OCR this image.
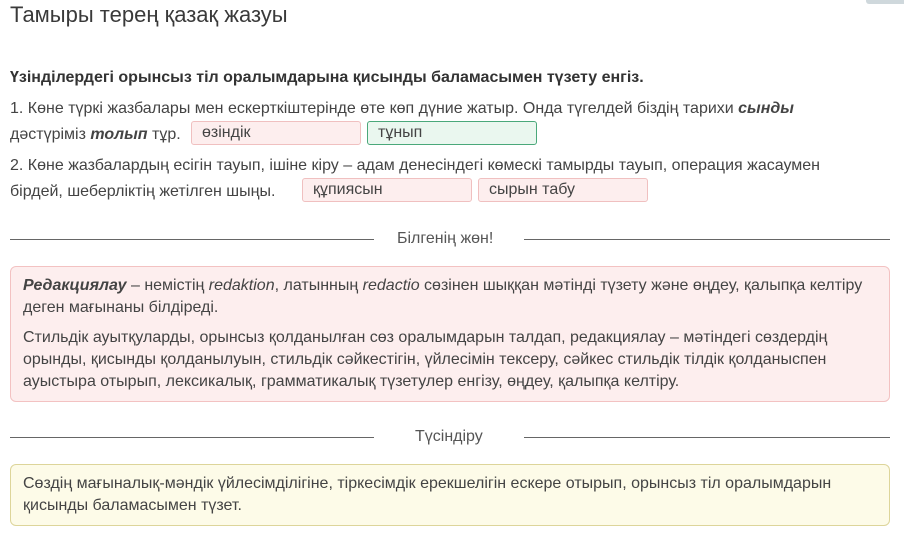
Тамыры терең қазақ жазуы
Үзінділердегі орынсыз тіл оралымдарына қисынды баламасымен түзету енгіз.
1. Көне түркі жазбалары мен ескерткіштерінде өте көп дүние жатыр. Онда түгелдей біздің тарихи сынды
дәстүріміз толып тұр.	өзіндік	тұнып
2. Көне жазбалардың есігін тауып, ішіне кіру – адам денесіндегі көмескі тамырды тауып, операция жасаумен
бірдей, шеберліктің жетілген шыңы.	құпиясын	сырын табу
Білгенің жөн!

Редакциялау – немістің redaktion, латынның redactio сөзінен шыққан мәтінді түзету және өңдеу, қалыпқа келтіру деген мағынаны білдіреді.

Стильдік ауытқуларды, орынсыз қолданылған сөз оралымдарын талдап, редакциялау – мәтіндегі сөздердің орынды, қисынды қолданылуын, стильдік сәйкестігін, үйлесімін тексеру, сәйкес стильдік тілдік қолданыспен ауыстыра отырып, лексикалық, грамматикалық түзетулер енгізу, өңдеу, қалыпқа келтіру.

Түсіндіру
Сөздің мағыналық-мәндік үйлесімділігіне, тіркесімдік ерекшелігін ескере отырып, орынсыз тіл оралымдарын қисынды баламасымен түзет.
